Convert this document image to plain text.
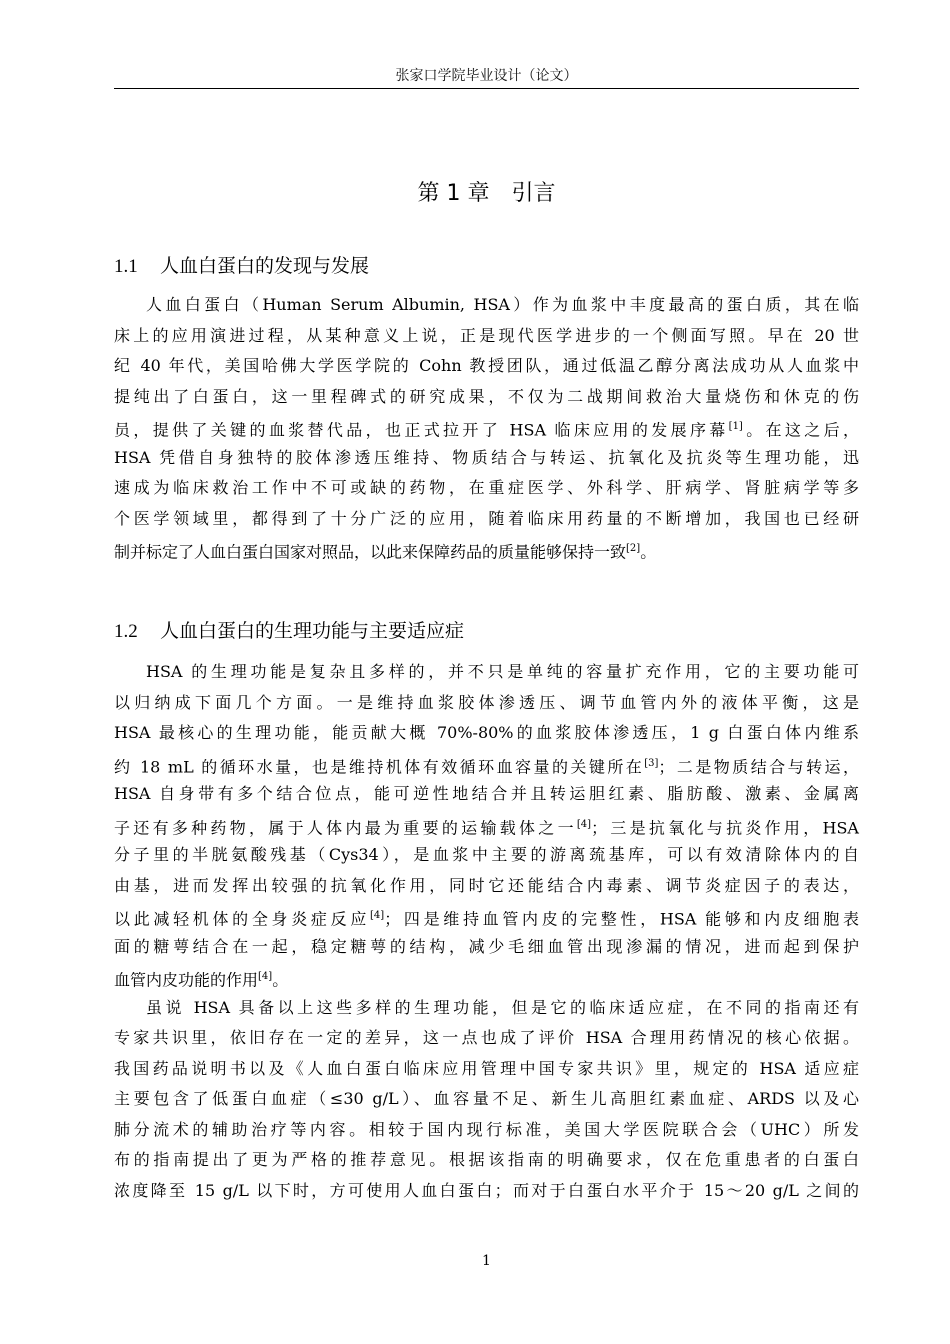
张家口学院毕业设计（论文）
第 1 章　引言
1.1 人血白蛋白的发现与发展
人血白蛋白（Human Serum Albumin, HSA）作为血浆中丰度最高的蛋白质，其在临
床上的应用演进过程，从某种意义上说，正是现代医学进步的一个侧面写照。早在 20 世
纪 40 年代，美国哈佛大学医学院的 Cohn 教授团队，通过低温乙醇分离法成功从人血浆中
提纯出了白蛋白，这一里程碑式的研究成果，不仅为二战期间救治大量烧伤和休克的伤
员，提供了关键的血浆替代品，也正式拉开了 HSA 临床应用的发展序幕[1]。在这之后，
HSA 凭借自身独特的胶体渗透压维持、物质结合与转运、抗氧化及抗炎等生理功能，迅
速成为临床救治工作中不可或缺的药物，在重症医学、外科学、肝病学、肾脏病学等多
个医学领域里，都得到了十分广泛的应用，随着临床用药量的不断增加，我国也已经研
制并标定了人血白蛋白国家对照品，以此来保障药品的质量能够保持一致[2]。
1.2 人血白蛋白的生理功能与主要适应症
HSA 的生理功能是复杂且多样的，并不只是单纯的容量扩充作用，它的主要功能可
以归纳成下面几个方面。一是维持血浆胶体渗透压、调节血管内外的液体平衡，这是
HSA 最核心的生理功能，能贡献大概 70%-80%的血浆胶体渗透压，1 g 白蛋白体内维系
约 18 mL 的循环水量，也是维持机体有效循环血容量的关键所在[3]；二是物质结合与转运，
HSA 自身带有多个结合位点，能可逆性地结合并且转运胆红素、脂肪酸、激素、金属离
子还有多种药物，属于人体内最为重要的运输载体之一[4]；三是抗氧化与抗炎作用，HSA
分子里的半胱氨酸残基（Cys34），是血浆中主要的游离巯基库，可以有效清除体内的自
由基，进而发挥出较强的抗氧化作用，同时它还能结合内毒素、调节炎症因子的表达，
以此减轻机体的全身炎症反应[4]；四是维持血管内皮的完整性，HSA 能够和内皮细胞表
面的糖萼结合在一起，稳定糖萼的结构，减少毛细血管出现渗漏的情况，进而起到保护
血管内皮功能的作用[4]。
虽说 HSA 具备以上这些多样的生理功能，但是它的临床适应症，在不同的指南还有
专家共识里，依旧存在一定的差异，这一点也成了评价 HSA 合理用药情况的核心依据。
我国药品说明书以及《人血白蛋白临床应用管理中国专家共识》里，规定的 HSA 适应症
主要包含了低蛋白血症（≤30 g/L）、血容量不足、新生儿高胆红素血症、ARDS 以及心
肺分流术的辅助治疗等内容。相较于国内现行标准，美国大学医院联合会（UHC）所发
布的指南提出了更为严格的推荐意见。根据该指南的明确要求，仅在危重患者的白蛋白
浓度降至 15 g/L 以下时，方可使用人血白蛋白；而对于白蛋白水平介于 15～20 g/L 之间的
1
